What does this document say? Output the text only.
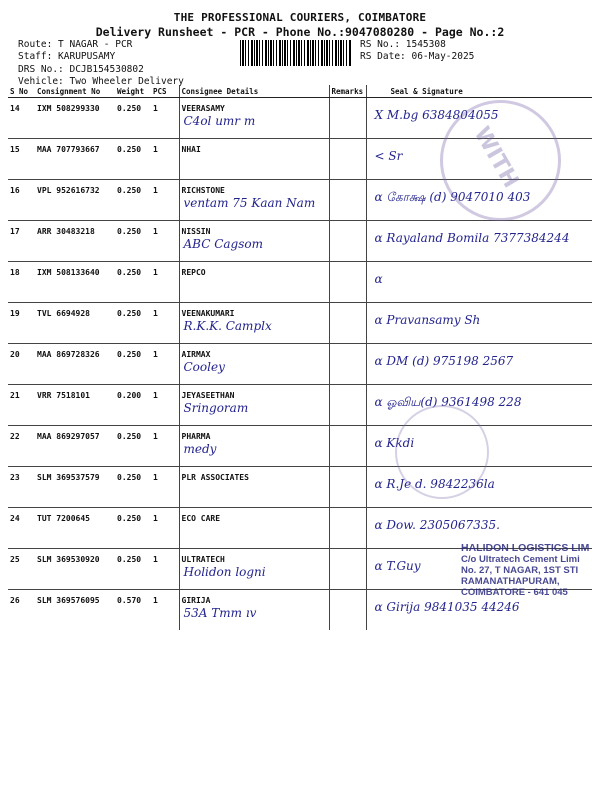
THE PROFESSIONAL COURIERS, COIMBATORE
Delivery Runsheet - PCR - Phone No.:9047080280 - Page No.:2
Route: T NAGAR - PCR
Staff: KARUPUSAMY
DRS No.: DCJB154530802
Vehicle: Two Wheeler Delivery
RS No.: 1545308
RS Date: 06-May-2025
S No	Consignment No	Weight	PCS	Consignee Details	Remarks	Seal & Signature
14	IXM 508299330	0.250	1	VEERASAMY
C4ol umr m		X M.bg 6384804055

15	MAA 707793667	0.250	1	NHAI		< Sr

16	VPL 952616732	0.250	1	RICHSTONE
ventam 75 Kaan Nam		α கோக்ஷ (d) 9047010 403

17	ARR 30483218	0.250	1	NISSIN
ABC Cagsom		α Rayaland Bomila 7377384244

18	IXM 508133640	0.250	1	REPCO		ɑ

19	TVL 6694928	0.250	1	VEENAKUMARI
R.K.K. Camplx		ɑ Pravansamy Sh

20	MAA 869728326	0.250	1	AIRMAX
Cooley		α DM (d) 975198 2567

21	VRR 7518101	0.200	1	JEYASEETHAN
Sringoram		α ஓவிய(d) 9361498 228

22	MAA 869297057	0.250	1	PHARMA
medy		α Kkdi

23	SLM 369537579	0.250	1	PLR ASSOCIATES		α R.Je d. 9842236la

24	TUT 7200645	0.250	1	ECO CARE		α Dow. 2305067335.

25	SLM 369530920	0.250	1	ULTRATECH
Holidon logni		α T.Guy

26	SLM 369576095	0.570	1	GIRIJA
53A Tmm ıv		α Girija 9841035 44246
WITH
HALIDON LOGISTICS LIM
C/o Ultratech Cement Limi
No. 27, T NAGAR, 1ST STI
RAMANATHAPURAM,
COIMBATORE - 641 045
